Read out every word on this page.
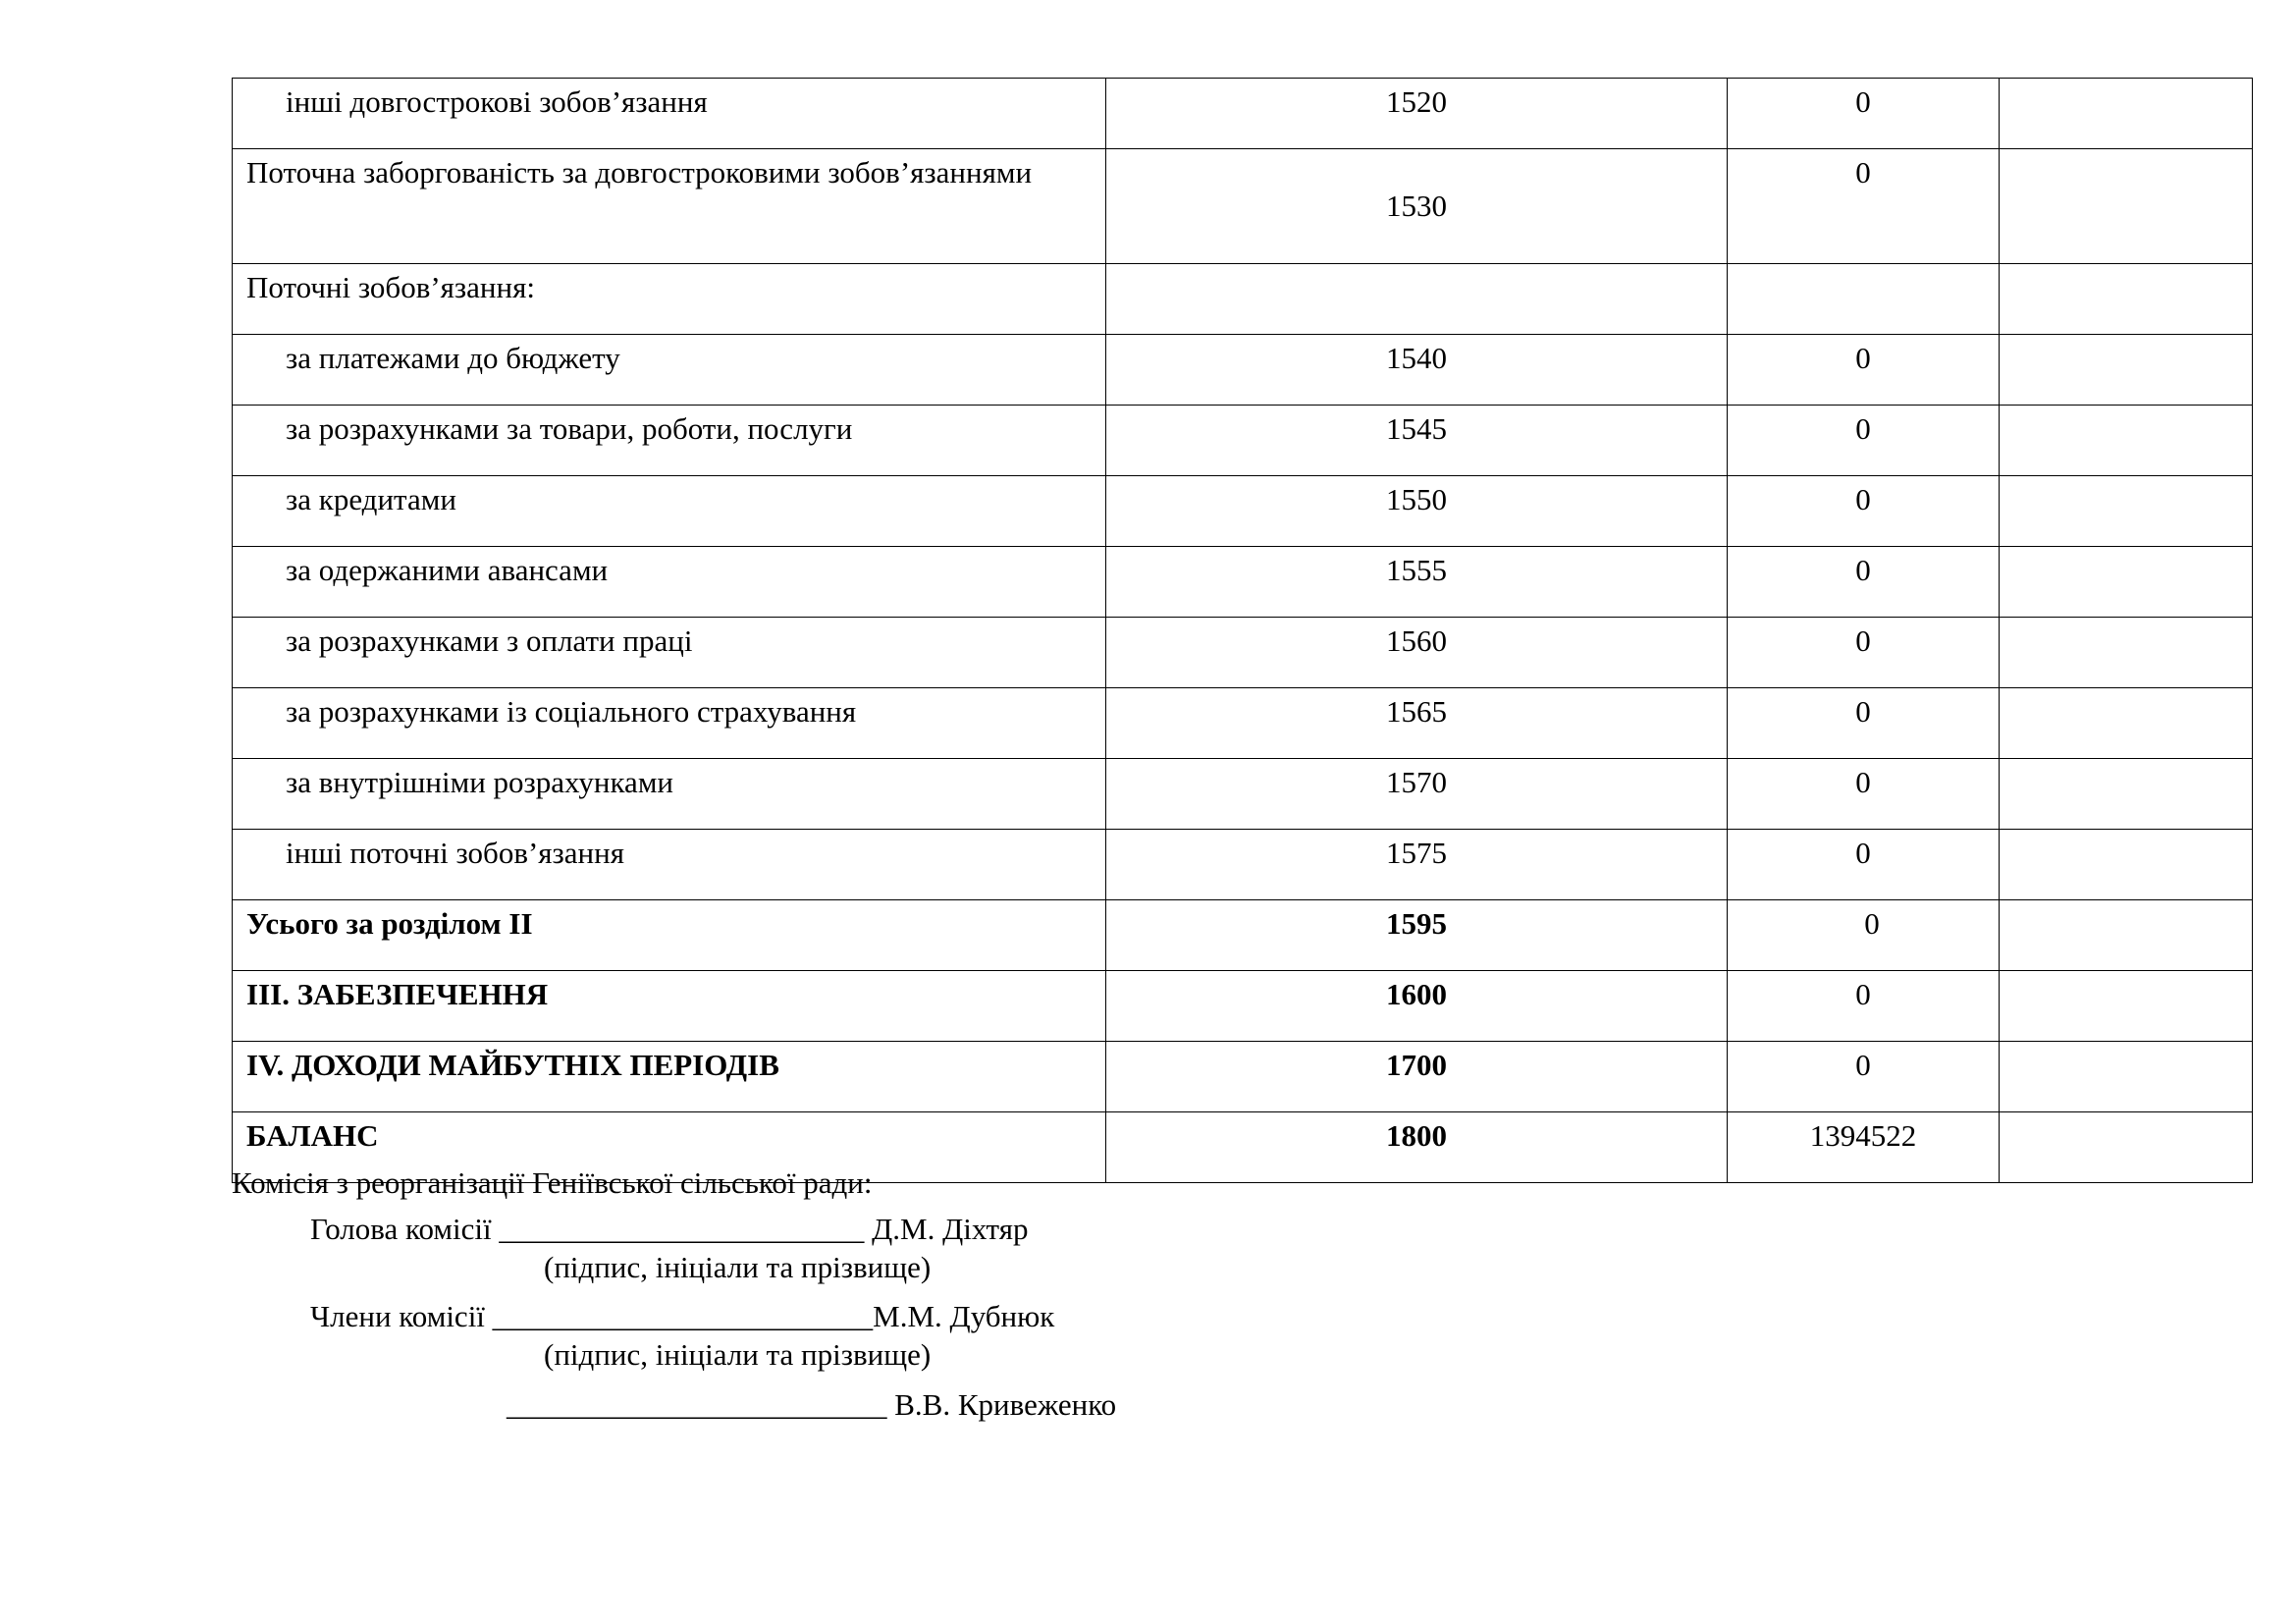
інші довгострокові зобов’язання	1520	0	
Поточна заборгованість за довгостроковими зобов’язаннями	1530	0	
Поточні зобов’язання:			
за платежами до бюджету	1540	0	
за розрахунками за товари, роботи, послуги	1545	0	
за кредитами	1550	0	
за одержаними авансами	1555	0	
за розрахунками з оплати праці	1560	0	
за розрахунками із соціального страхування	1565	0	
за внутрішніми розрахунками	1570	0	
інші поточні зобов’язання	1575	0	
Усього за розділом ІІ	1595	0	
ІІІ. ЗАБЕЗПЕЧЕННЯ	1600	0	
ІV. ДОХОДИ МАЙБУТНІХ ПЕРІОДІВ	1700	0	
БАЛАНС	1800	1394522	

Комісія з реорганізації Геніївської сільської ради:

Голова комісії ________________________ Д.М. Діхтяр

(підпис, ініціали та прізвище)

Члени комісії _________________________М.М. Дубнюк

(підпис, ініціали та прізвище)

_________________________ В.В. Кривеженко
